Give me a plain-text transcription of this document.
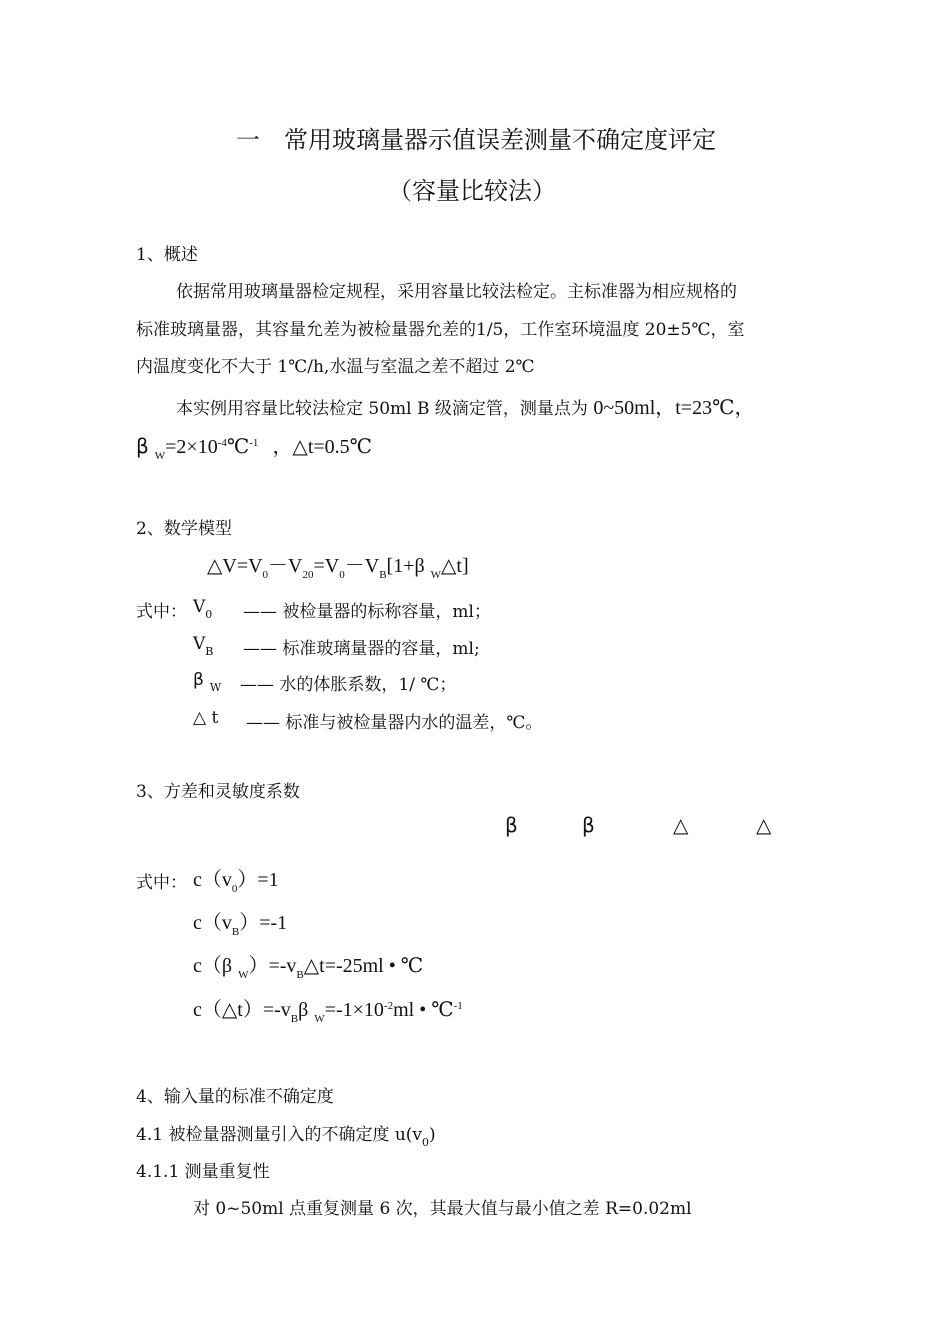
一　常用玻璃量器示值误差测量不确定度评定
（容量比较法）
1、概述
依据常用玻璃量器检定规程，采用容量比较法检定。主标准器为相应规格的
标准玻璃量器，其容量允差为被检量器允差的1/5，工作室环境温度 20±5℃，室
内温度变化不大于 1℃/h,水温与室温之差不超过 2℃
本实例用容量比较法检定 50ml B 级滴定管，测量点为 0~50ml，t=23℃，
β $_W=2\times 10^{-4}℃^{-1}$ ，△t=0.5℃
2、数学模型
$\triangle V=V_0-V_{20}=V_0-V_B[1+\beta$ $_W$△t]
式中： $V_0$ —— 被检量器的标称容量，ml；
$V_B$ —— 标准玻璃量器的容量，ml;
β $_W$ —— 水的体胀系数，1/ ℃；
△ t —— 标准与被检量器内水的温差，℃。
3、方差和灵敏度系数
β	β	△	△
式中： $c(v_0)=1$
$c(v_B)=-1$
c（β $_W)=-v_B\triangle t=-25ml$ • ℃
$c(\triangle t)=-v_B\beta$ $_W=-1\times 10^{-2}ml$ • ℃$^{-1}$
4、输入量的标准不确定度
4.1 被检量器测量引入的不确定度 $u(v_0)$
4.1.1 测量重复性
对 0~50ml 点重复测量 6 次，其最大值与最小值之差 R=0.02ml
